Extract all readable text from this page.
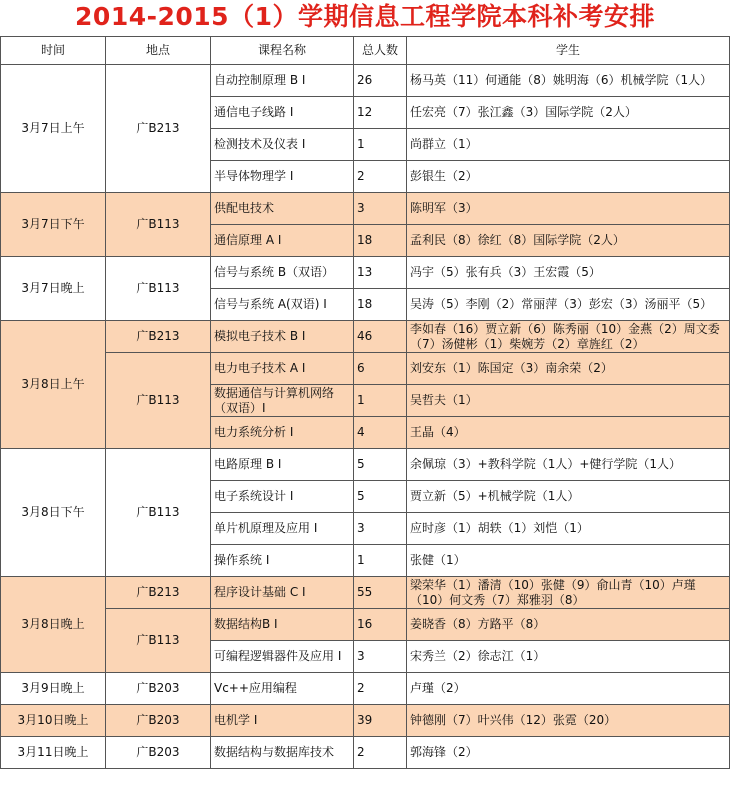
2014-2015（1）学期信息工程学院本科补考安排
时间	地点	课程名称	总人数	学生
3月7日上午	广B213	自动控制原理 B I	26	杨马英（11）何通能（8）姚明海（6）机械学院（1人）
		通信电子线路 I	12	任宏亮（7）张江鑫（3）国际学院（2人）
		检测技术及仪表 I	1	尚群立（1）
		半导体物理学 I	2	彭银生（2）
3月7日下午	广B113	供配电技术	3	陈明军（3）
		通信原理 A I	18	孟利民（8）徐红（8）国际学院（2人）
3月7日晚上	广B113	信号与系统 B（双语）	13	冯宇（5）张有兵（3）王宏霞（5）
		信号与系统 A(双语) I	18	吴涛（5）李刚（2）常丽萍（3）彭宏（3）汤丽平（5）
3月8日上午	广B213	模拟电子技术 B I	46	李如春（16）贾立新（6）陈秀丽（10）金燕（2）周文委（7）汤健彬（1）柴婉芳（2）章旌红（2）
	广B113	电力电子技术 A I	6	刘安东（1）陈国定（3）南余荣（2）
		数据通信与计算机网络（双语）I	1	吴哲夫（1）
		电力系统分析 I	4	王晶（4）
3月8日下午	广B113	电路原理 B I	5	余佩琼（3）+教科学院（1人）+健行学院（1人）
		电子系统设计 I	5	贾立新（5）+机械学院（1人）
		单片机原理及应用 I	3	应时彦（1）胡轶（1）刘恺（1）
		操作系统 I	1	张健（1）
3月8日晚上	广B213	程序设计基础 C I	55	梁荣华（1）潘清（10）张健（9）俞山青（10）卢瑾（10）何文秀（7）郑雅羽（8）
	广B113	数据结构B I	16	姜晓香（8）方路平（8）
		可编程逻辑器件及应用 I	3	宋秀兰（2）徐志江（1）
3月9日晚上	广B203	Vc++应用编程	2	卢瑾（2）
3月10日晚上	广B203	电机学 I	39	钟德刚（7）叶兴伟（12）张霓（20）
3月11日晚上	广B203	数据结构与数据库技术	2	郭海锋（2）
